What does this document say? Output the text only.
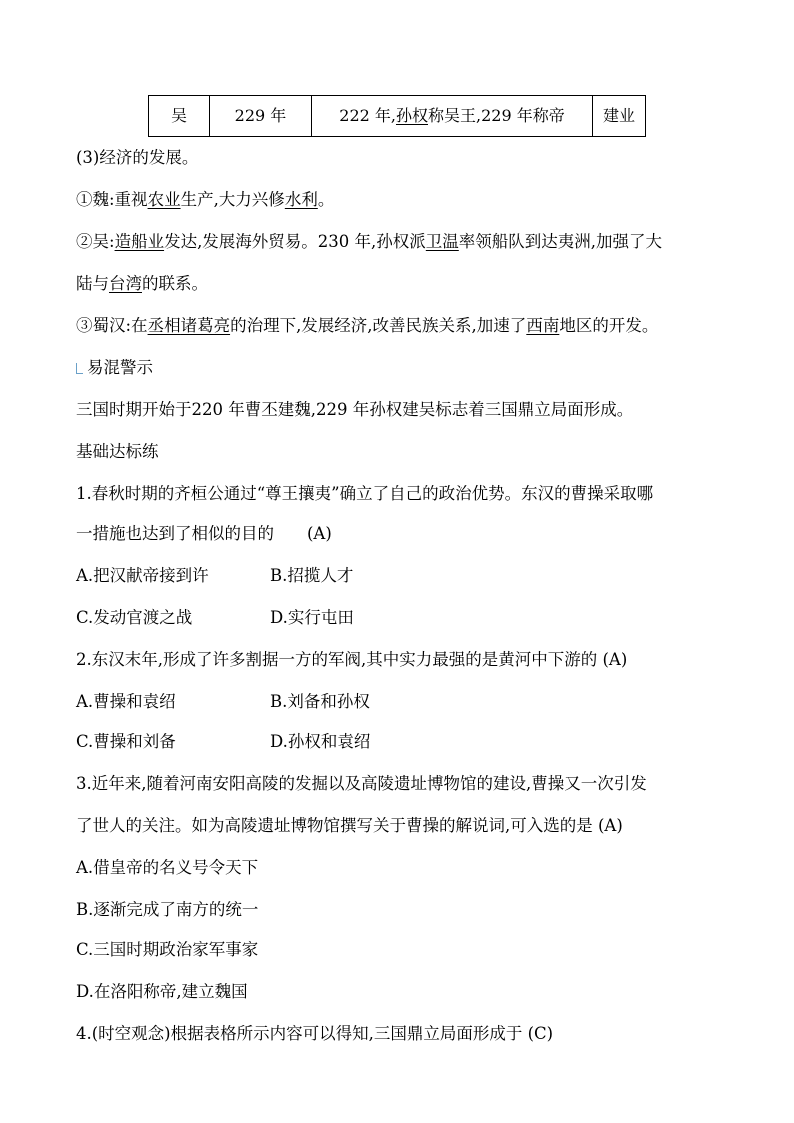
吴	229 年	222 年,孙权称吴王,229 年称帝	建业

(3)经济的发展。

①魏:重视农业生产,大力兴修水利。

②吴:造船业发达,发展海外贸易。230 年,孙权派卫温率领船队到达夷洲,加强了大

陆与台湾的联系。

③蜀汉:在丞相诸葛亮的治理下,发展经济,改善民族关系,加速了西南地区的开发。

易混警示

三国时期开始于220 年曹丕建魏,229 年孙权建吴标志着三国鼎立局面形成。

基础达标练

1.春秋时期的齐桓公通过“尊王攘夷”确立了自己的政治优势。东汉的曹操采取哪

一措施也达到了相似的目的　　(A)

A.把汉献帝接到许	B.招揽人才
C.发动官渡之战	D.实行屯田

2.东汉末年,形成了许多割据一方的军阀,其中实力最强的是黄河中下游的 (A)

A.曹操和袁绍	B.刘备和孙权
C.曹操和刘备	D.孙权和袁绍

3.近年来,随着河南安阳高陵的发掘以及高陵遗址博物馆的建设,曹操又一次引发

了世人的关注。如为高陵遗址博物馆撰写关于曹操的解说词,可入选的是 (A)

A.借皇帝的名义号令天下

B.逐渐完成了南方的统一

C.三国时期政治家军事家

D.在洛阳称帝,建立魏国

4.(时空观念)根据表格所示内容可以得知,三国鼎立局面形成于 (C)
